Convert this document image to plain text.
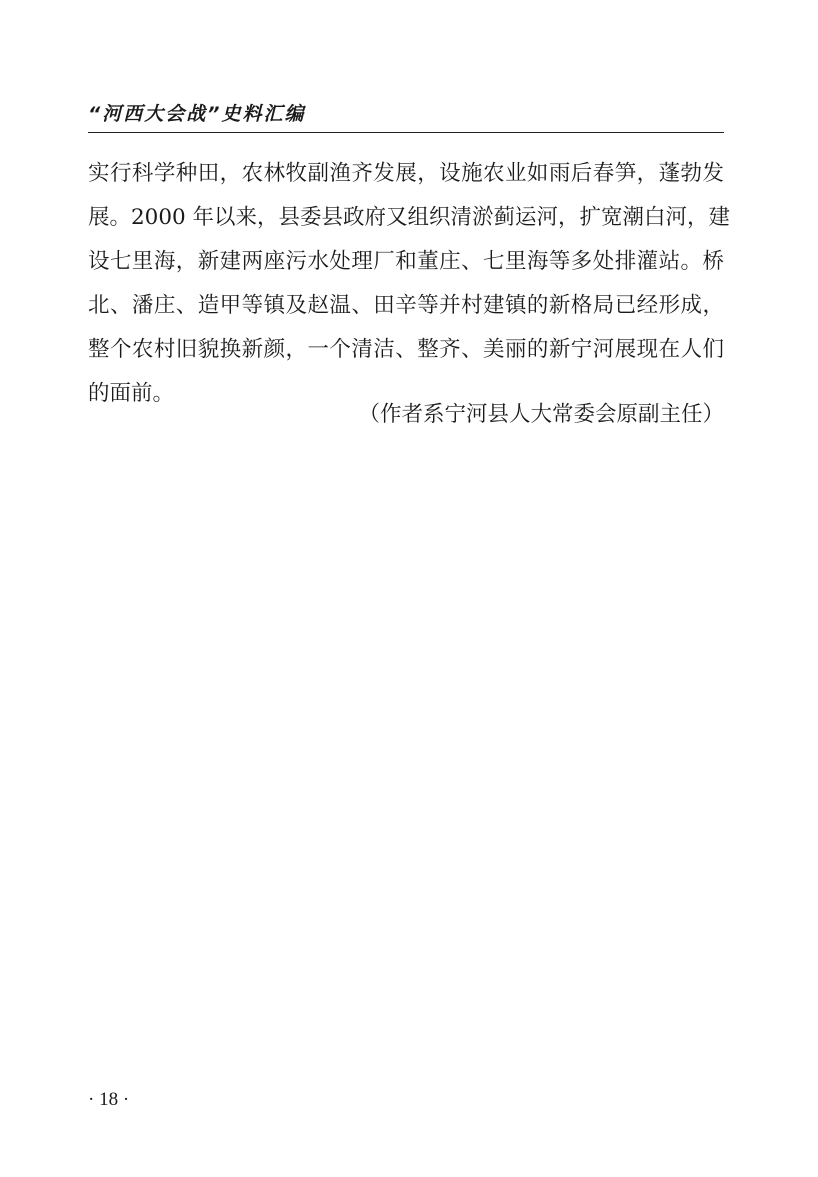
“河西大会战”史料汇编
实行科学种田，农林牧副渔齐发展，设施农业如雨后春笋，蓬勃发
展。2000 年以来，县委县政府又组织清淤蓟运河，扩宽潮白河，建
设七里海，新建两座污水处理厂和董庄、七里海等多处排灌站。桥
北、潘庄、造甲等镇及赵温、田辛等并村建镇的新格局已经形成，
整个农村旧貌换新颜，一个清洁、整齐、美丽的新宁河展现在人们
的面前。
（作者系宁河县人大常委会原副主任）
· 18 ·
